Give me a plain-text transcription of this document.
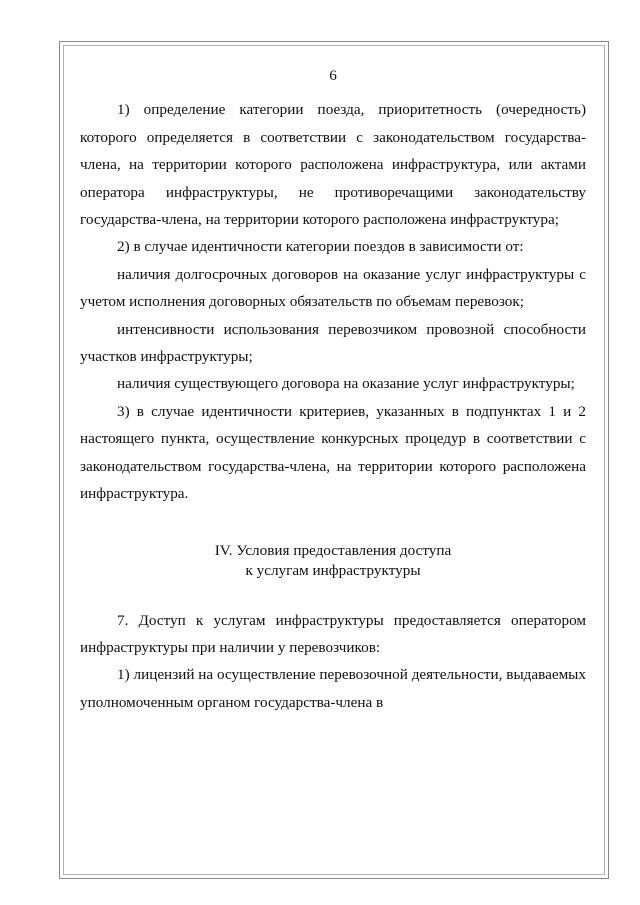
6

1) определение категории поезда, приоритетность (очередность) которого определяется в соответствии с законодательством государства-члена, на территории которого расположена инфраструктура, или актами оператора инфраструктуры, не противоречащими законодательству государства-члена, на территории которого расположена инфраструктура;

2) в случае идентичности категории поездов в зависимости от:

наличия долгосрочных договоров на оказание услуг инфраструктуры с учетом исполнения договорных обязательств по объемам перевозок;

интенсивности использования перевозчиком провозной способности участков инфраструктуры;

наличия существующего договора на оказание услуг инфраструктуры;

3) в случае идентичности критериев, указанных в подпунктах 1 и 2 настоящего пункта, осуществление конкурсных процедур в соответствии с законодательством государства-члена, на территории которого расположена инфраструктура.

IV. Условия предоставления доступа
к услугам инфраструктуры

7. Доступ к услугам инфраструктуры предоставляется оператором инфраструктуры при наличии у перевозчиков:

1) лицензий на осуществление перевозочной деятельности, выдаваемых уполномоченным органом государства-члена в
